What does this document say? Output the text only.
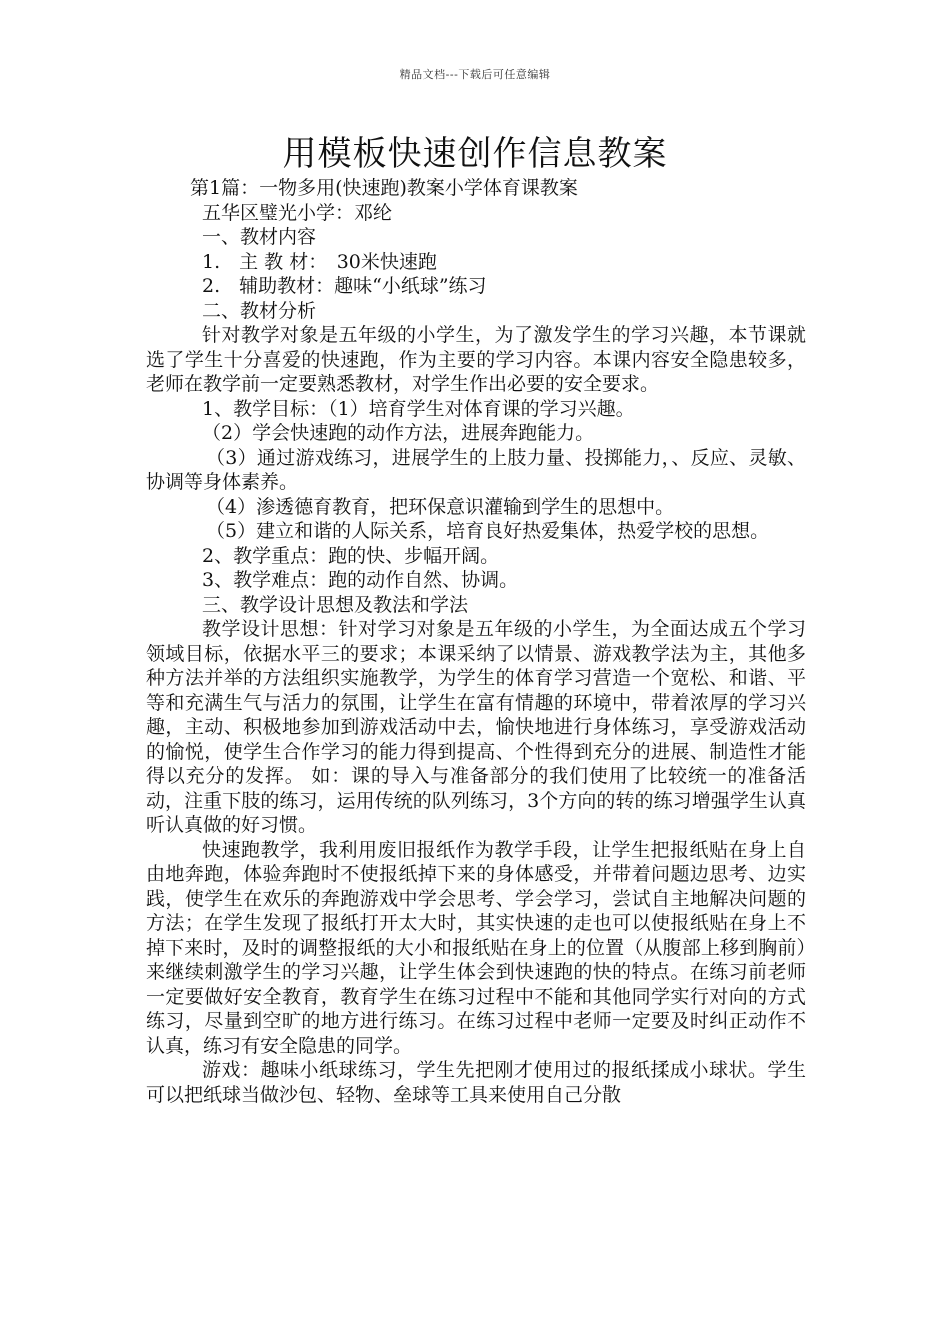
精品文档---下载后可任意编辑
用模板快速创作信息教案

第1篇：一物多用(快速跑)教案小学体育课教案

五华区璧光小学：邓纶

一、教材内容

1.　主 教 材：　30米快速跑

2.　辅助教材：趣味“小纸球”练习

二、教材分析

针对教学对象是五年级的小学生，为了激发学生的学习兴趣，本节课就选了学生十分喜爱的快速跑，作为主要的学习内容。本课内容安全隐患较多，老师在教学前一定要熟悉教材，对学生作出必要的安全要求。

1、教学目标：（1）培育学生对体育课的学习兴趣。

（2）学会快速跑的动作方法，进展奔跑能力。

（3）通过游戏练习，进展学生的上肢力量、投掷能力，、反应、灵敏、协调等身体素养。

（4）渗透德育教育，把环保意识灌输到学生的思想中。

（5）建立和谐的人际关系，培育良好热爱集体，热爱学校的思想。

2、教学重点：跑的快、步幅开阔。

3、教学难点：跑的动作自然、协调。

三、教学设计思想及教法和学法

教学设计思想：针对学习对象是五年级的小学生，为全面达成五个学习领域目标，依据水平三的要求；本课采纳了以情景、游戏教学法为主，其他多种方法并举的方法组织实施教学，为学生的体育学习营造一个宽松、和谐、平等和充满生气与活力的氛围，让学生在富有情趣的环境中，带着浓厚的学习兴趣，主动、积极地参加到游戏活动中去，愉快地进行身体练习，享受游戏活动的愉悦，使学生合作学习的能力得到提高、个性得到充分的进展、制造性才能得以充分的发挥。 如：课的导入与准备部分的我们使用了比较统一的准备活动，注重下肢的练习，运用传统的队列练习，3个方向的转的练习增强学生认真听认真做的好习惯。

快速跑教学，我利用废旧报纸作为教学手段，让学生把报纸贴在身上自由地奔跑，体验奔跑时不使报纸掉下来的身体感受，并带着问题边思考、边实践，使学生在欢乐的奔跑游戏中学会思考、学会学习，尝试自主地解决问题的方法；在学生发现了报纸打开太大时，其实快速的走也可以使报纸贴在身上不掉下来时，及时的调整报纸的大小和报纸贴在身上的位置（从腹部上移到胸前）来继续刺激学生的学习兴趣，让学生体会到快速跑的快的特点。在练习前老师一定要做好安全教育，教育学生在练习过程中不能和其他同学实行对向的方式练习，尽量到空旷的地方进行练习。在练习过程中老师一定要及时纠正动作不认真，练习有安全隐患的同学。

游戏：趣味小纸球练习，学生先把刚才使用过的报纸揉成小球状。学生可以把纸球当做沙包、轻物、垒球等工具来使用自己分散
